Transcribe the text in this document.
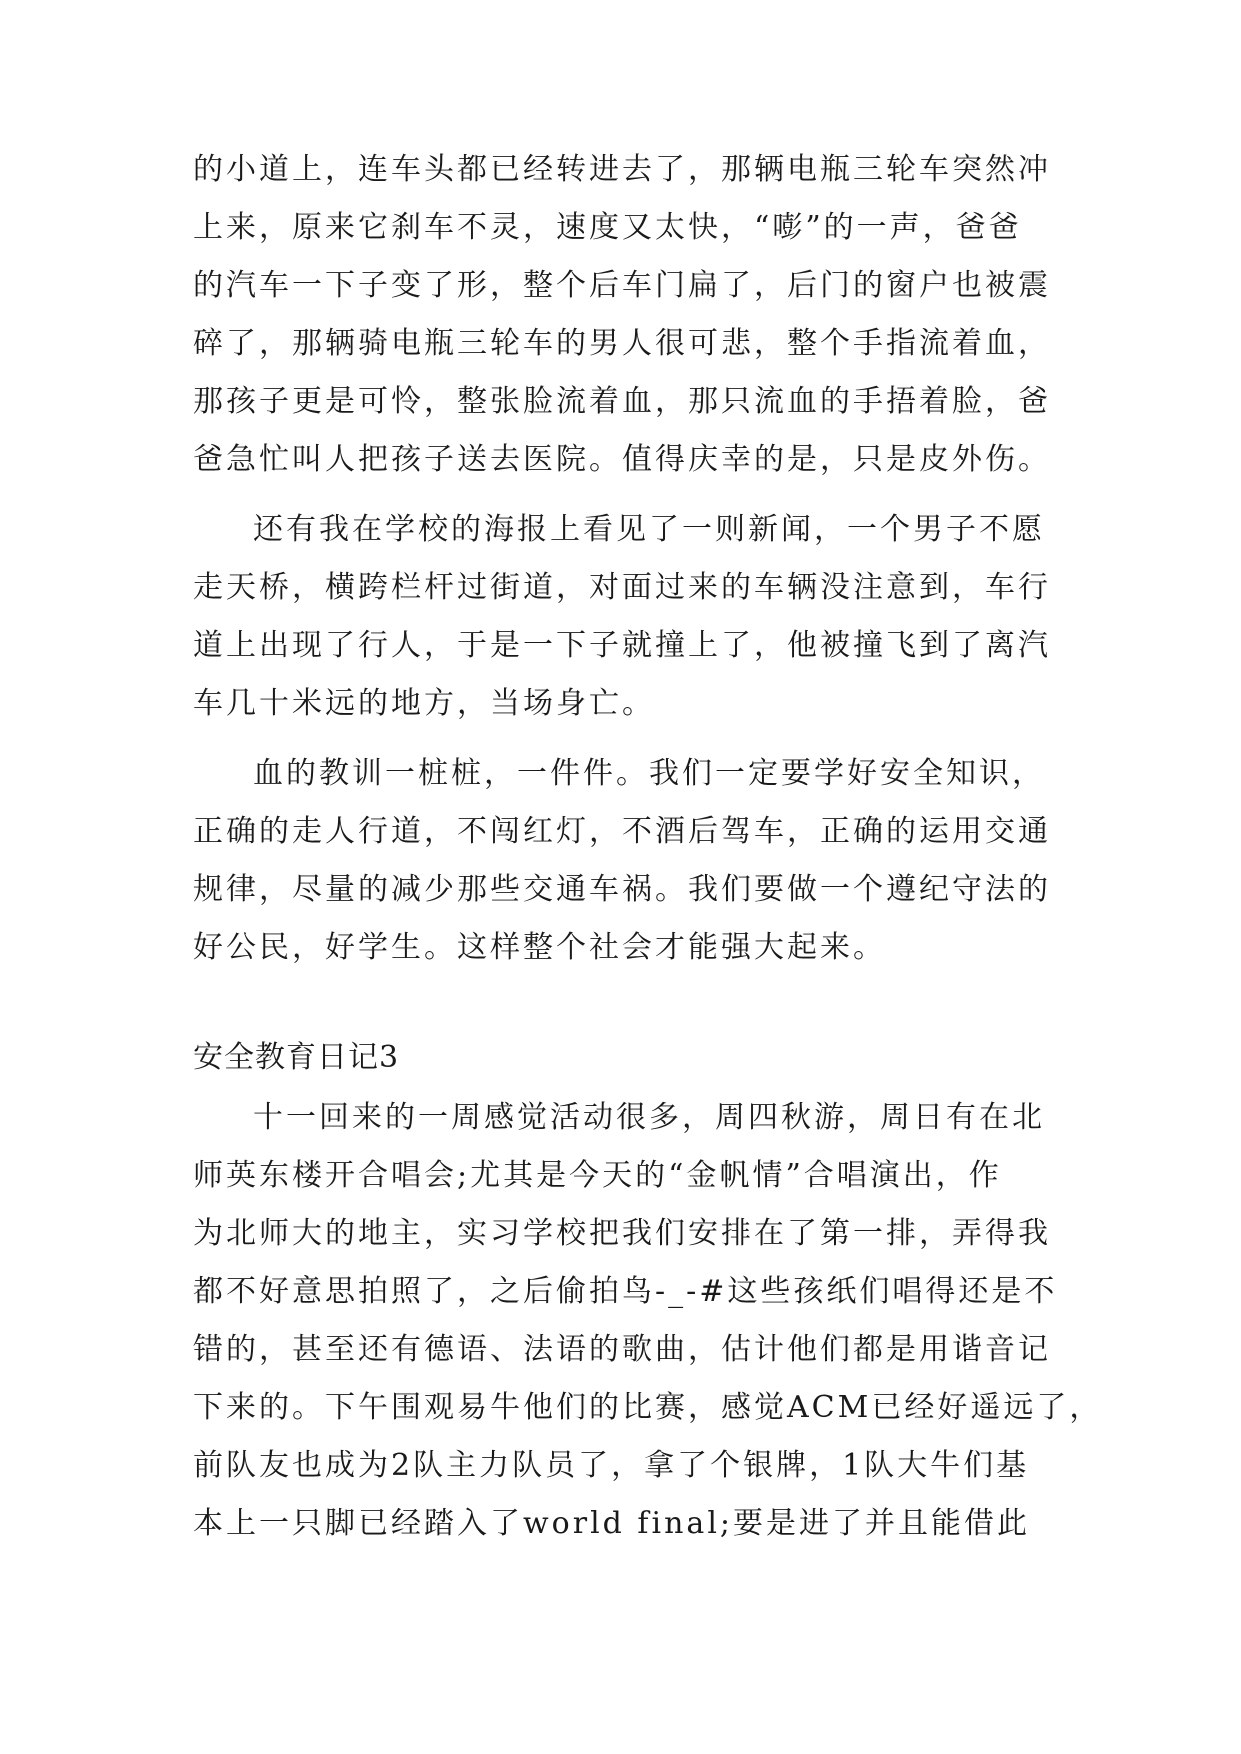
的小道上，连车头都已经转进去了，那辆电瓶三轮车突然冲
上来，原来它刹车不灵，速度又太快，“嘭”的一声，爸爸
的汽车一下子变了形，整个后车门扁了，后门的窗户也被震
碎了，那辆骑电瓶三轮车的男人很可悲，整个手指流着血，
那孩子更是可怜，整张脸流着血，那只流血的手捂着脸，爸
爸急忙叫人把孩子送去医院。值得庆幸的是，只是皮外伤。
还有我在学校的海报上看见了一则新闻，一个男子不愿
走天桥，横跨栏杆过街道，对面过来的车辆没注意到，车行
道上出现了行人，于是一下子就撞上了，他被撞飞到了离汽
车几十米远的地方，当场身亡。
血的教训一桩桩，一件件。我们一定要学好安全知识，
正确的走人行道，不闯红灯，不酒后驾车，正确的运用交通
规律，尽量的减少那些交通车祸。我们要做一个遵纪守法的
好公民，好学生。这样整个社会才能强大起来。
安全教育日记3
十一回来的一周感觉活动很多，周四秋游，周日有在北
师英东楼开合唱会;尤其是今天的“金帆情”合唱演出，作
为北师大的地主，实习学校把我们安排在了第一排，弄得我
都不好意思拍照了，之后偷拍鸟-_-#这些孩纸们唱得还是不
错的，甚至还有德语、法语的歌曲，估计他们都是用谐音记
下来的。下午围观易牛他们的比赛，感觉ACM已经好遥远了，
前队友也成为2队主力队员了，拿了个银牌，1队大牛们基
本上一只脚已经踏入了world final;要是进了并且能借此
